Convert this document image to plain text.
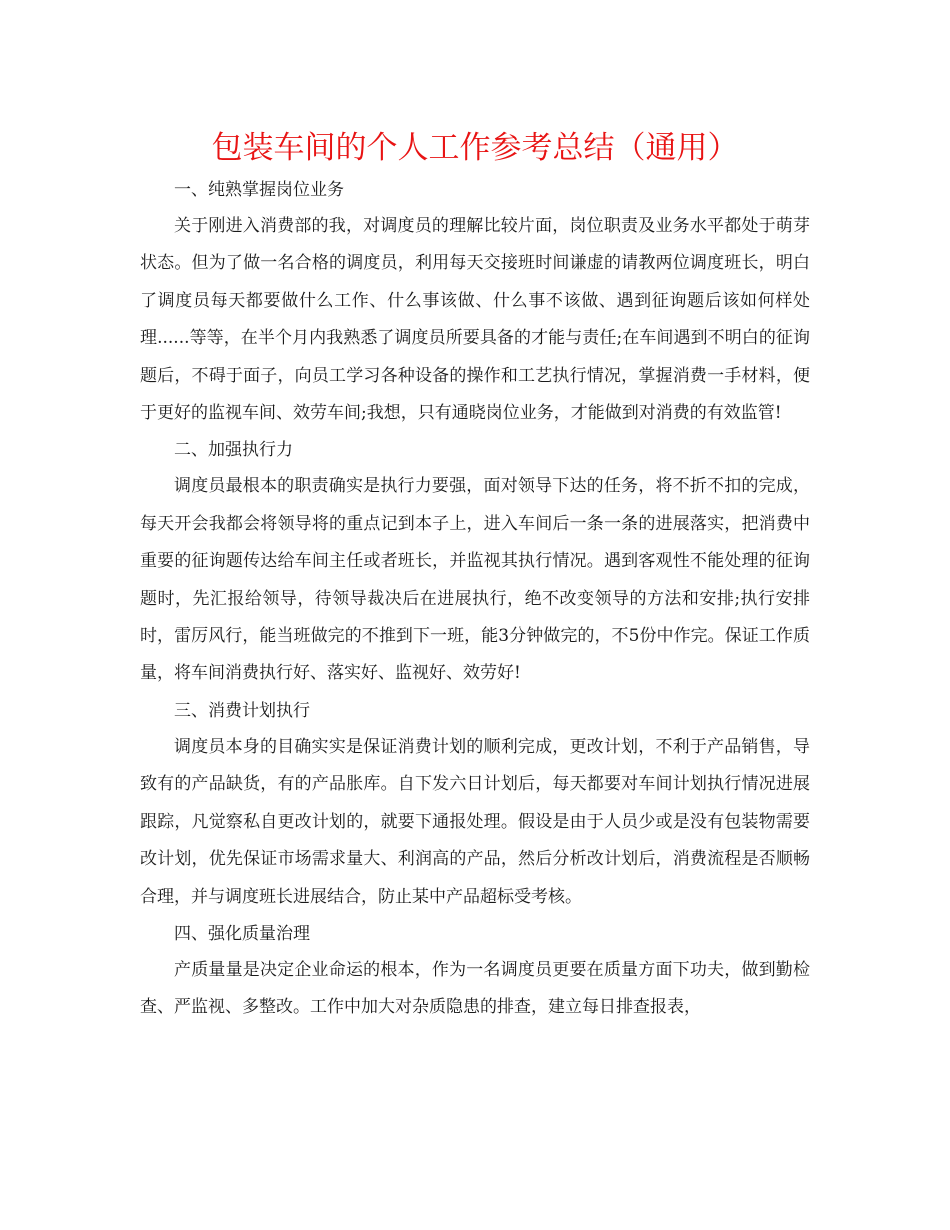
包装车间的个人工作参考总结（通用）

一、纯熟掌握岗位业务

关于刚进入消费部的我，对调度员的理解比较片面，岗位职责及业务水平都处于萌芽状态。但为了做一名合格的调度员，利用每天交接班时间谦虚的请教两位调度班长，明白了调度员每天都要做什么工作、什么事该做、什么事不该做、遇到征询题后该如何样处理......等等，在半个月内我熟悉了调度员所要具备的才能与责任;在车间遇到不明白的征询题后，不碍于面子，向员工学习各种设备的操作和工艺执行情况，掌握消费一手材料，便于更好的监视车间、效劳车间;我想，只有通晓岗位业务，才能做到对消费的有效监管!

二、加强执行力

调度员最根本的职责确实是执行力要强，面对领导下达的任务，将不折不扣的完成，每天开会我都会将领导将的重点记到本子上，进入车间后一条一条的进展落实，把消费中重要的征询题传达给车间主任或者班长，并监视其执行情况。遇到客观性不能处理的征询题时，先汇报给领导，待领导裁决后在进展执行，绝不改变领导的方法和安排;执行安排时，雷厉风行，能当班做完的不推到下一班，能3分钟做完的，不5份中作完。保证工作质量，将车间消费执行好、落实好、监视好、效劳好!

三、消费计划执行

调度员本身的目确实实是保证消费计划的顺利完成，更改计划，不利于产品销售，导致有的产品缺货，有的产品胀库。自下发六日计划后，每天都要对车间计划执行情况进展跟踪，凡觉察私自更改计划的，就要下通报处理。假设是由于人员少或是没有包装物需要改计划，优先保证市场需求量大、利润高的产品，然后分析改计划后，消费流程是否顺畅合理，并与调度班长进展结合，防止某中产品超标受考核。

四、强化质量治理

产质量量是决定企业命运的根本，作为一名调度员更要在质量方面下功夫，做到勤检查、严监视、多整改。工作中加大对杂质隐患的排查，建立每日排查报表，
